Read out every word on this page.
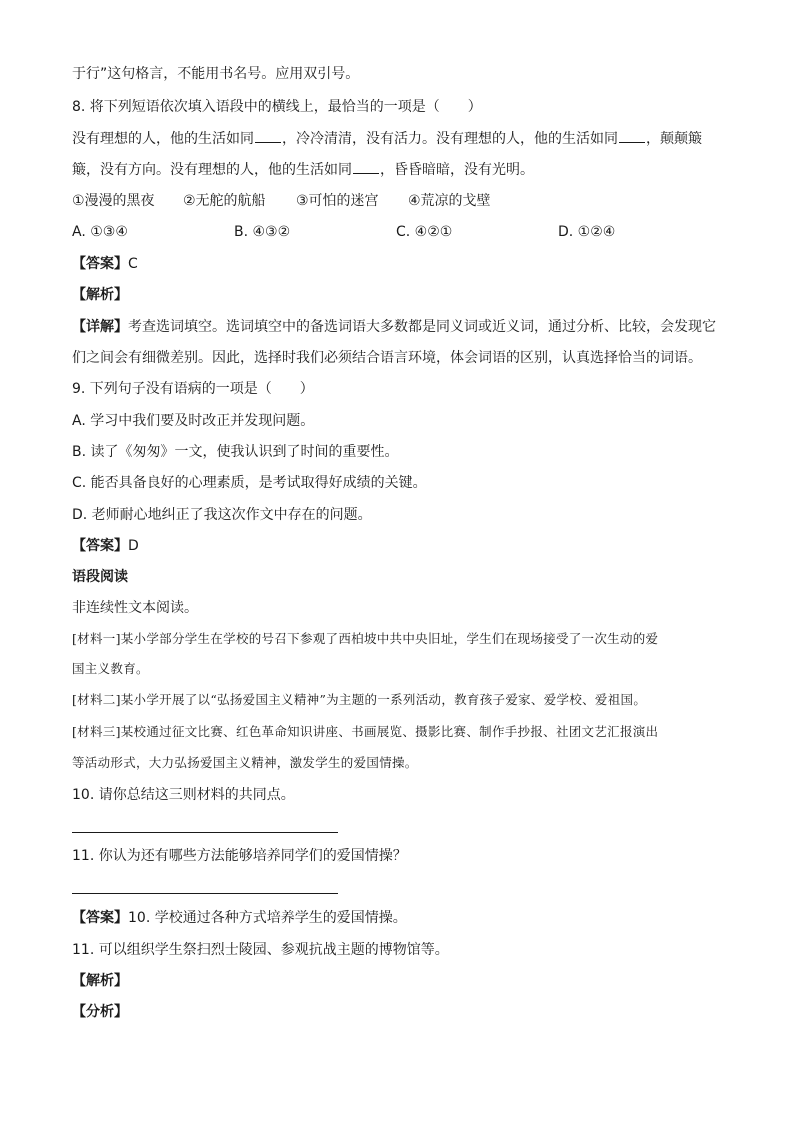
于行”这句格言，不能用书名号。应用双引号。
8. 将下列短语依次填入语段中的横线上，最恰当的一项是（　　）
没有理想的人，他的生活如同 ，冷冷清清，没有活力。没有理想的人，他的生活如同 ，颠颠簸
簸，没有方向。没有理想的人，他的生活如同 ，昏昏暗暗，没有光明。
①漫漫的黑夜 ②无舵的航船 ③可怕的迷宫 ④荒凉的戈壁
A. ①③④	B. ④③②	C. ④②①	D. ①②④
【答案】C
【解析】
【详解】考查选词填空。选词填空中的备选词语大多数都是同义词或近义词，通过分析、比较，会发现它
们之间会有细微差别。因此，选择时我们必须结合语言环境，体会词语的区别，认真选择恰当的词语。
9. 下列句子没有语病的一项是（　　）
A. 学习中我们要及时改正并发现问题。
B. 读了《匆匆》一文，使我认识到了时间的重要性。
C. 能否具备良好的心理素质，是考试取得好成绩的关键。
D. 老师耐心地纠正了我这次作文中存在的问题。
【答案】D
语段阅读
非连续性文本阅读。
[材料一]某小学部分学生在学校的号召下参观了西柏坡中共中央旧址，学生们在现场接受了一次生动的爱
国主义教育。
[材料二]某小学开展了以“弘扬爱国主义精神”为主题的一系列活动，教育孩子爱家、爱学校、爱祖国。
[材料三]某校通过征文比赛、红色革命知识讲座、书画展览、摄影比赛、制作手抄报、社团文艺汇报演出
等活动形式，大力弘扬爱国主义精神，激发学生的爱国情操。
10. 请你总结这三则材料的共同点。
11. 你认为还有哪些方法能够培养同学们的爱国情操？
【答案】10. 学校通过各种方式培养学生的爱国情操。
11. 可以组织学生祭扫烈士陵园、参观抗战主题的博物馆等。
【解析】
【分析】
